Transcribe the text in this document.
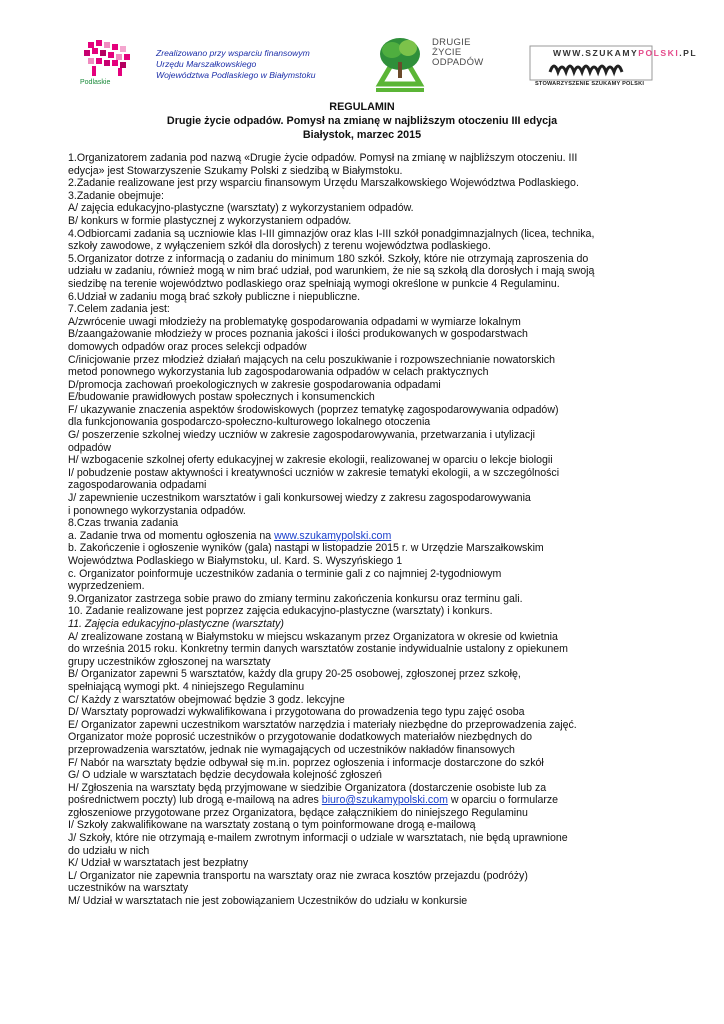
Podlaskie
Zrealizowano przy wsparciu finansowym
Urzędu Marszałkowskiego
Województwa Podlaskiego w Białymstoku
DRUGIE
ŻYCIE
ODPADÓW
WWW.SZUKAMYPOLSKI.PL
STOWARZYSZENIE SZUKAMY POLSKI
REGULAMIN
Drugie życie odpadów. Pomysł na zmianę w najbliższym otoczeniu III edycja
Białystok, marzec 2015
1.Organizatorem zadania pod nazwą «Drugie życie odpadów. Pomysł na zmianę w najbliższym otoczeniu. III
edycja» jest Stowarzyszenie Szukamy Polski z siedzibą w Białymstoku.
2.Zadanie realizowane jest przy wsparciu finansowym Urzędu Marszałkowskiego Województwa Podlaskiego.
3.Zadanie obejmuje:
A/ zajęcia edukacyjno-plastyczne (warsztaty) z wykorzystaniem odpadów.
B/ konkurs w formie plastycznej z wykorzystaniem odpadów.
4.Odbiorcami zadania są uczniowie klas I-III gimnazjów oraz klas I-III szkół ponadgimnazjalnych (licea, technika,
szkoły zawodowe, z wyłączeniem szkół dla dorosłych) z terenu województwa podlaskiego.
5.Organizator dotrze z informacją o zadaniu do minimum 180 szkół. Szkoły, które nie otrzymają zaproszenia do
udziału w zadaniu, również mogą w nim brać udział, pod warunkiem, że nie są szkołą dla dorosłych i mają swoją
siedzibę na terenie województwo podlaskiego oraz spełniają wymogi określone w punkcie 4 Regulaminu.
6.Udział w zadaniu mogą brać szkoły publiczne i niepubliczne.
7.Celem zadania jest:
A/zwrócenie uwagi młodzieży na problematykę gospodarowania odpadami w wymiarze lokalnym
B/zaangażowanie młodzieży w proces poznania jakości i ilości produkowanych w gospodarstwach
domowych odpadów oraz proces selekcji odpadów
C/inicjowanie przez młodzież działań mających na celu poszukiwanie i rozpowszechnianie nowatorskich
metod ponownego wykorzystania lub zagospodarowania odpadów w celach praktycznych
D/promocja zachowań proekologicznych w zakresie gospodarowania odpadami
E/budowanie prawidłowych postaw społecznych i konsumenckich
F/ ukazywanie znaczenia aspektów środowiskowych (poprzez tematykę zagospodarowywania odpadów)
dla funkcjonowania gospodarczo-społeczno-kulturowego lokalnego otoczenia
G/ poszerzenie szkolnej wiedzy uczniów w zakresie zagospodarowywania, przetwarzania i utylizacji
odpadów
H/ wzbogacenie szkolnej oferty edukacyjnej w zakresie ekologii, realizowanej w oparciu o lekcje biologii
I/ pobudzenie postaw aktywności i kreatywności uczniów w zakresie tematyki ekologii, a w szczególności
zagospodarowania odpadami
J/ zapewnienie uczestnikom warsztatów i gali konkursowej wiedzy z zakresu zagospodarowywania
i ponownego wykorzystania odpadów.
8.Czas trwania zadania
a. Zadanie trwa od momentu ogłoszenia na www.szukamypolski.com
b. Zakończenie i ogłoszenie wyników (gala) nastąpi w listopadzie 2015 r. w Urzędzie Marszałkowskim
Województwa Podlaskiego w Białymstoku, ul. Kard. S. Wyszyńskiego 1
c. Organizator poinformuje uczestników zadania o terminie gali z co najmniej 2-tygodniowym
wyprzedzeniem.
9.Organizator zastrzega sobie prawo do zmiany terminu zakończenia konkursu oraz terminu gali.
10. Zadanie realizowane jest poprzez zajęcia edukacyjno-plastyczne (warsztaty) i konkurs.
11. Zajęcia edukacyjno-plastyczne (warsztaty)
A/ zrealizowane zostaną w Białymstoku w miejscu wskazanym przez Organizatora w okresie od kwietnia
do września 2015 roku. Konkretny termin danych warsztatów zostanie indywidualnie ustalony z opiekunem
grupy uczestników zgłoszonej na warsztaty
B/ Organizator zapewni 5 warsztatów, każdy dla grupy 20-25 osobowej, zgłoszonej przez szkołę,
spełniającą wymogi pkt. 4 niniejszego Regulaminu
C/ Każdy z warsztatów obejmować będzie 3 godz. lekcyjne
D/ Warsztaty poprowadzi wykwalifikowana i przygotowana do prowadzenia tego typu zajęć osoba
E/ Organizator zapewni uczestnikom warsztatów narzędzia i materiały niezbędne do przeprowadzenia zajęć.
Organizator może poprosić uczestników o przygotowanie dodatkowych materiałów niezbędnych do
przeprowadzenia warsztatów, jednak nie wymagających od uczestników nakładów finansowych
F/ Nabór na warsztaty będzie odbywał się m.in. poprzez ogłoszenia i informacje dostarczone do szkół
G/ O udziale w warsztatach będzie decydowała kolejność zgłoszeń
H/ Zgłoszenia na warsztaty będą przyjmowane w siedzibie Organizatora (dostarczenie osobiste lub za
pośrednictwem poczty) lub drogą e-mailową na adres biuro@szukamypolski.com w oparciu o formularze
zgłoszeniowe przygotowane przez Organizatora, będące załącznikiem do niniejszego Regulaminu
I/ Szkoły zakwalifikowane na warsztaty zostaną o tym poinformowane drogą e-mailową
J/ Szkoły, które nie otrzymają e-mailem zwrotnym informacji o udziale w warsztatach, nie będą uprawnione
do udziału w nich
K/ Udział w warsztatach jest bezpłatny
L/ Organizator nie zapewnia transportu na warsztaty oraz nie zwraca kosztów przejazdu (podróży)
uczestników na warsztaty
M/ Udział w warsztatach nie jest zobowiązaniem Uczestników do udziału w konkursie
